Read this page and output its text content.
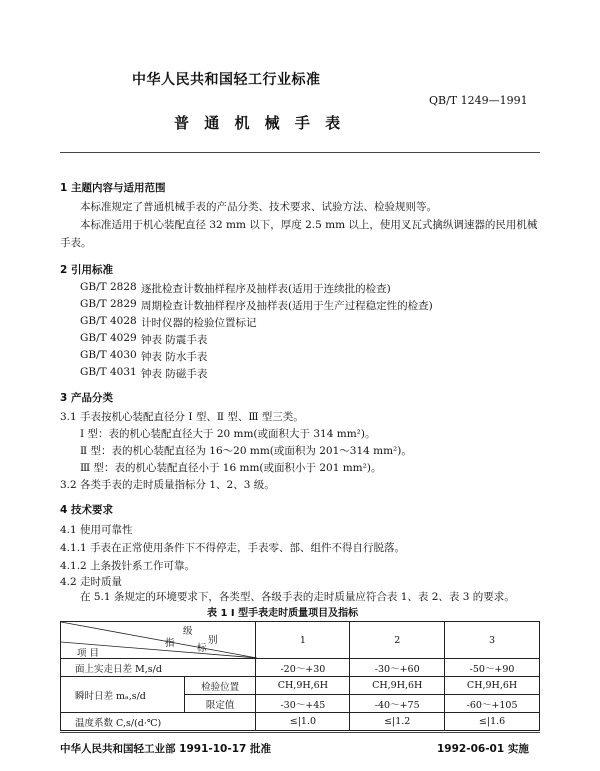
中华人民共和国轻工行业标准
QB/T 1249—1991
普 通 机 械 手 表
1 主题内容与适用范围
本标准规定了普通机械手表的产品分类、技术要求、试验方法、检验规则等。
本标准适用于机心装配直径 32 mm 以下，厚度 2.5 mm 以上，使用叉瓦式擒纵调速器的民用机械
手表。
2 引用标准
GB/T 2828 逐批检查计数抽样程序及抽样表(适用于连续批的检查)
GB/T 2829 周期检查计数抽样程序及抽样表(适用于生产过程稳定性的检查)
GB/T 4028 计时仪器的检验位置标记
GB/T 4029 钟表 防震手表
GB/T 4030 钟表 防水手表
GB/T 4031 钟表 防磁手表
3 产品分类
3.1 手表按机心装配直径分 Ⅰ 型、Ⅱ 型、Ⅲ 型三类。
Ⅰ 型：表的机心装配直径大于 20 mm(或面积大于 314 mm²)。
Ⅱ 型：表的机心装配直径为 16～20 mm(或面积为 201～314 mm²)。
Ⅲ 型：表的机心装配直径小于 16 mm(或面积小于 201 mm²)。
3.2 各类手表的走时质量指标分 1、2、3 级。
4 技术要求
4.1 使用可靠性
4.1.1 手表在正常使用条件下不得停走，手表零、部、组件不得自行脱落。
4.1.2 上条拨针系工作可靠。
4.2 走时质量
在 5.1 条规定的环境要求下，各类型、各级手表的走时质量应符合表 1、表 2、表 3 的要求。
表 1 Ⅰ 型手表走时质量项目及指标
级
别
指 标
项 目		1	2	3
面上实走日差 M,s/d		-20～+30	-30～+60	-50～+90
瞬时日差 mₐ,s/d	检验位置	CH,9H,6H	CH,9H,6H	CH,9H,6H
	限定值	-30～+45	-40～+75	-60～+105
温度系数 C,s/(d·℃)		≤|1.0	≤|1.2	≤|1.6
中华人民共和国轻工业部 1991-10-17 批准	1992-06-01 实施
